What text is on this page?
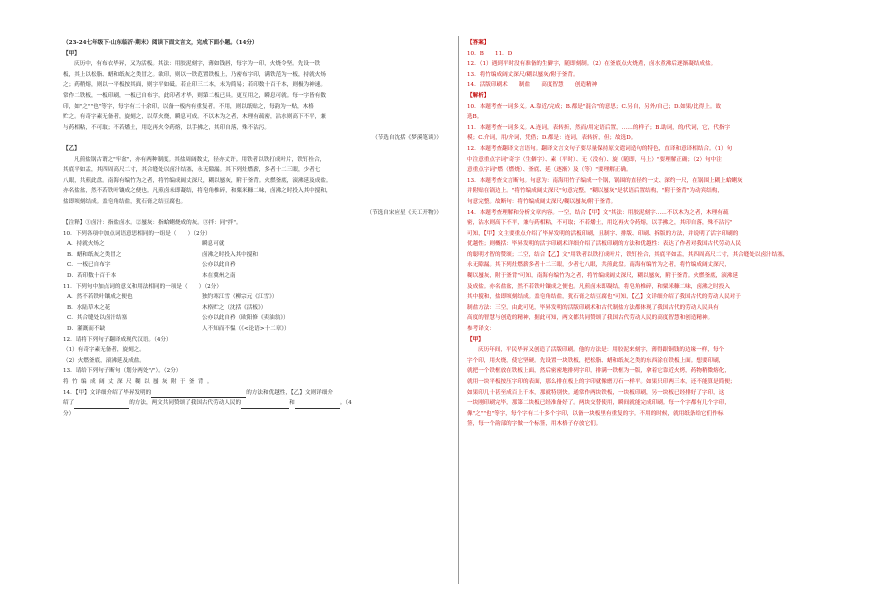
（23-24七年级下·山东临沂·期末）阅读下面文言文，完成下面小题。（14分）
【甲】
庆历中，有布衣毕昇，又为活板。其法：用胶泥刻字，薄如钱唇，每字为一印，火烧令坚。先设一铁
板，其上以松脂、蜡和纸灰之类冒之。欲印，则以一铁范置铁板上，乃密布字印，满铁范为一板，持就火炀
之；药稍熔，则以一平板按其面，则字平如砥。若止印三二本，未为简易；若印数十百千本，则极为神速。
常作二铁板，一板印刷，一板已自布字，此印者才毕，则第二板已具。更互用之，瞬息可就。每一字皆有数
印，如"之""也"等字，每字有二十余印，以备一板内有重复者。不用，则以纸贴之，每韵为一贴，木格
贮之。有奇字素无备者，旋刻之，以草火烧，瞬息可成。不以木为之者，木理有疏密，沾水则高下不平，兼
与药相粘，不可取；不若燔土，用讫再火令药熔，以手拂之，其印自落，殊不沾污。
（节选自沈括《梦溪笔谈》）
【乙】
凡煎盐锅古谓之"牢盆"，亦有两种制度。其盐周阔数丈，径亦丈许。用铁者以铁打成叶片，铁钉拴合，
其底平如盂，其四周高尺二寸，其合缝处以卤汁结塞，永无隙漏。其下列灶燃薪，多者十二三眼，少者七
八眼，共煎此盘。南海有编竹为之者，将竹编成阔丈深尺，糊以蜃灰，附于釜背。火燃釜底，滚沸延及成盐。
亦名盐盆，然不若铁叶镶成之便也。凡煎卤未即凝结，将皂角椎碎，和粟米糠二味，卤沸之时投入其中搅和，
盐即顷刻结成。盖皂角结盐，犹石膏之结豆腐也。
（节选自宋应星《天工开物》）
【注释】①卤汁：指盐卤水。②蜃灰：指蛤蜊烧成的灰。③拌：同"拌"。
10．下列各项中加点词语意思相同的一组是（　　）（2分）
A．持就火炀之	瞬息可就
B．蜡和纸灰之类冒之	卤沸之时投入其中搅和
C．一板已自布字	公亦以此自矜
D．若印数十百千本	本在冀州之南
11．下列句中加点词的意义和用法相同的一项是（　　）（2分）
A．然不若铁叶镶成之便也	独钓寒江雪（柳宗元《江雪》）
B．水陆草木之花	木格贮之（沈括《活板》）
C．其合缝处以卤汁结塞	公亦以此自矜（欧阳修《卖油翁》）
D．灌溉而不缺	人不知而不愠（《<论语>十二章》）
12．请将下列句子翻译成现代汉语。（4分）
（1）有奇字素无备者，旋刻之。
（2）火燃釜底，滚沸延及成盐。
13．请给下列句子断句（划分两处"/"）。（2分）
将竹编成阔丈深尺糊以蜃灰附于釜背。
14．【甲】文详细介绍了毕昇发明的	的方法和优越性，【乙】文则详细介
绍了	的方法，两文共同赞颂了我国古代劳动人民的	和	。（4
分）
【答案】
10．B　　11．D
12．（1）遇到平时没有准备的生僻字，随即刻制。（2）在釜底点火烧煮，卤水煮沸后逐渐凝结成盐。
13．将竹编成阔丈深尺/糊以蜃灰/附于釜背。
14．活版印刷术　　制盐　　高度智慧　　创造精神
【解析】
10．本题考查一词多义。A.靠近/完成；B.都是"混合"的意思；C.另自，另外/自己；D.如果/比得上。故
选B。
11．本题考查一词多义。A.连词，表转折，然而/用定语后置，……的样子；B.助词，的/代词，它，代指字
模；C.介词，用/介词，凭借；D.都是：连词，表转折，但；故选D。
12．本题考查翻译文言语句。翻译文言文句子要尽量保持原文遣词造句的特色，直译和意译相结合。（1）句
中注意重点字词"奇字（生僻字）、素（平时）、无（没有）、旋（随即，马上）"要理解正确；（2）句中注
意重点字词"燃（燃烧）、釜底、延（逐渐）及（等）"要理解正确。
13．本题考查文言断句。句意为：南海用竹子编成一个锅，锅围的直径约一丈、深约一尺，在锅围上糊上蛤蜊灰
并附贴在锅边上。"将竹编成阔丈深尺"句意完整，"糊以蜃灰"是状语后置结构，"附于釜背"为动宾结构，
句意完整。故断句：将竹编成阔丈深尺/糊以蜃灰/附于釜背。
14．本题考查理解和分析文章内容。一空，结合【甲】文"其法：用胶泥刻字……不以木为之者，木理有疏
密，沾水则高下不平，兼与药相粘，不可取；不若燔土，用讫再火令药熔，以手拂之，其印自落，殊不沾污"
可知，【甲】文主要重点介绍了毕昇发明的活板印刷，且制字、排版、印刷、拆版的方法，并说明了活字印刷的
优越性；则概括：毕昇发明的活字印刷术详细介绍了活板印刷的方法和优越性：表达了作者对我国古代劳动人民
的聪明才智的赞颂；二空，结合【乙】文"用铁者以铁打成叶片，铁钉拴合，其底平如盂，其四周高尺二寸，其合缝处以卤汁结塞，
永无隙漏。其下列灶燃薪多者十二三眼，少者七八眼，共煎此盘。南海有编竹为之者，将竹编成阔丈深尺，
糊以蜃灰，附于釜背"可知，南海有编竹为之者，将竹编成阔丈深尺，糊以蜃灰，附于釜背。火燃釜底，滚沸延
及成盐。亦名盐盆，然不若铁叶镶成之便也。凡煎卤未即凝结，将皂角椎碎，和粟米糠二味，卤沸之时投入
其中搅和，盐即顷刻结成。盖皂角结盐，犹石膏之结豆腐也"可知，【乙】文详细介绍了我国古代的劳动人民对于
制盐方法：三空，由此可见，毕昇发明的活版印刷术和古代制盐方法都体现了我国古代的劳动人民具有
高度的智慧与创造的精神，据此可知，两文都共同赞颂了我国古代劳动人民的高度智慧和创造精神。
参考译文：
【甲】
庆历年间，平民毕昇又创造了活版印刷。他的方法是：用胶泥来刻字，薄得跟铜钱的边缘一样，每个
字个印，用火烧，使它坚硬。先设置一块铁板，把松脂、蜡和纸灰之类的东西涂在铁板上面。想要印刷，
就把一个铁框放在铁板上面，然后密密地排列字印，排满一铁框为一版，拿着它靠近火烤，药物稍微熔化，
就用一块平板按压字印的表面，那么排在板上的字印就像磨刀石一样平。如果只印两三本，还不能算是简便；
如果印几十甚至成百上千本，那就特别快。通常作两块铁板，一块板印刷，另一块板已经排好了字印，这
一块刚印刷完毕，那第二块板已经准备好了。两块交替使用，瞬间就能完成印刷。每一个字都有几个字印，
像"之""也"等字，每个字有二十多个字印，以备一块板里有重复的字。不用的时候，就用纸条给它们作标
签，每一个韵部的字做一个标签，用木格子存放它们。
